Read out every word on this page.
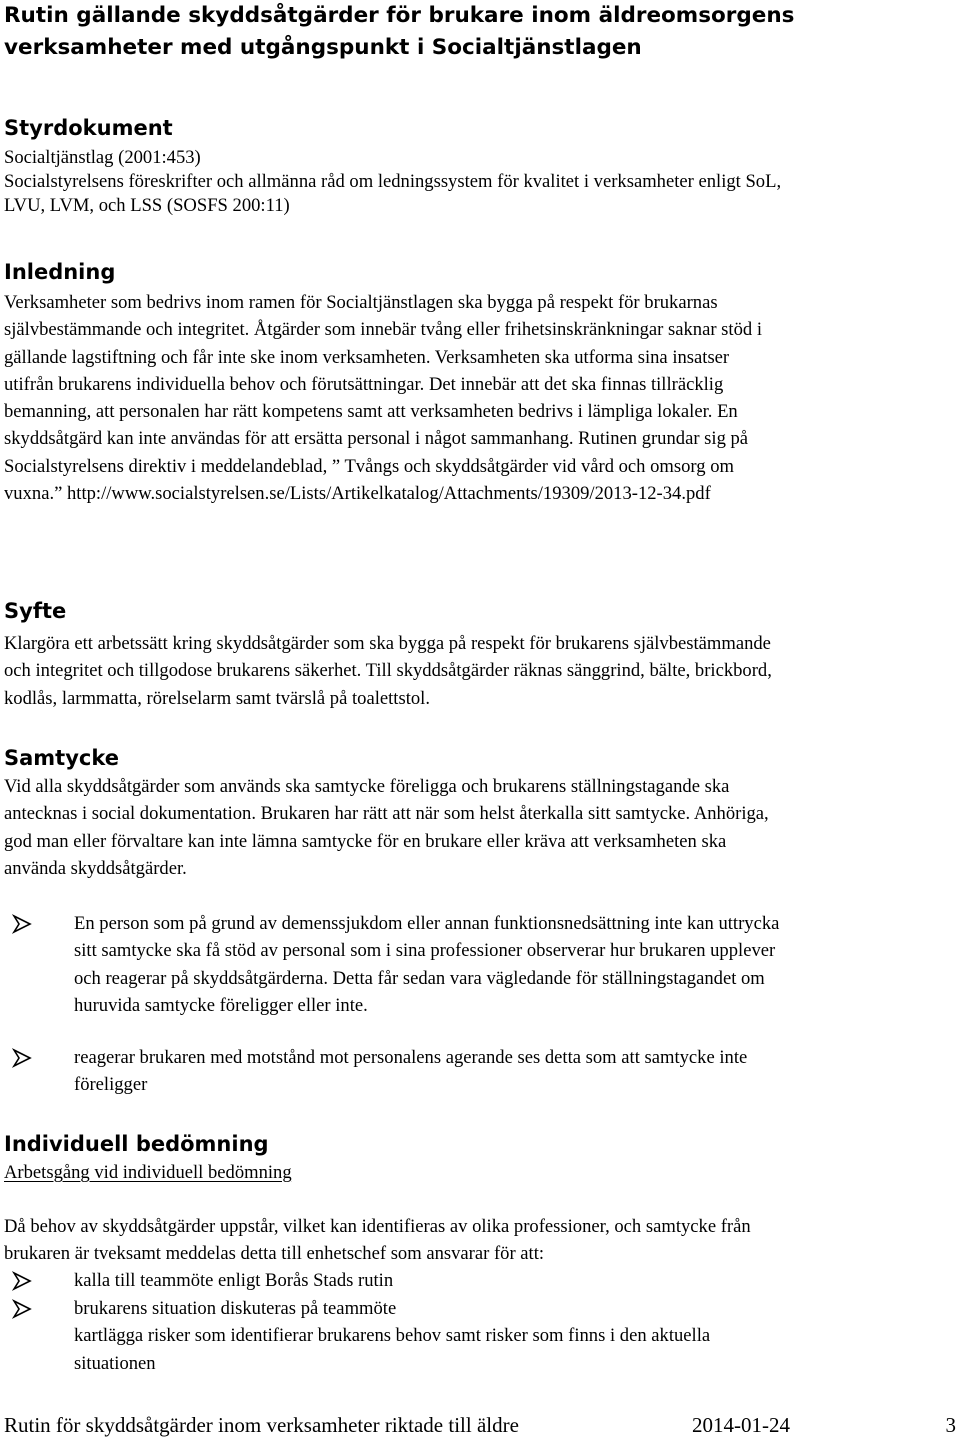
Rutin gällande skyddsåtgärder för brukare inom äldreomsorgens
verksamheter med utgångspunkt i Socialtjänstlagen
Styrdokument
Socialtjänstlag (2001:453)
Socialstyrelsens föreskrifter och allmänna råd om ledningssystem för kvalitet i verksamheter enligt SoL,
LVU, LVM, och LSS (SOSFS 200:11)
Inledning
Verksamheter som bedrivs inom ramen för Socialtjänstlagen ska bygga på respekt för brukarnas
självbestämmande och integritet. Åtgärder som innebär tvång eller frihetsinskränkningar saknar stöd i
gällande lagstiftning och får inte ske inom verksamheten. Verksamheten ska utforma sina insatser
utifrån brukarens individuella behov och förutsättningar. Det innebär att det ska finnas tillräcklig
bemanning, att personalen har rätt kompetens samt att verksamheten bedrivs i lämpliga lokaler. En
skyddsåtgärd kan inte användas för att ersätta personal i något sammanhang. Rutinen grundar sig på
Socialstyrelsens direktiv i meddelandeblad, ” Tvångs och skyddsåtgärder vid vård och omsorg om
vuxna.” http://www.socialstyrelsen.se/Lists/Artikelkatalog/Attachments/19309/2013-12-34.pdf
Syfte
Klargöra ett arbetssätt kring skyddsåtgärder som ska bygga på respekt för brukarens självbestämmande
och integritet och tillgodose brukarens säkerhet. Till skyddsåtgärder räknas sänggrind, bälte, brickbord,
kodlås, larmmatta, rörelselarm samt tvärslå på toalettstol.
Samtycke
Vid alla skyddsåtgärder som används ska samtycke föreligga och brukarens ställningstagande ska
antecknas i social dokumentation. Brukaren har rätt att när som helst återkalla sitt samtycke. Anhöriga,
god man eller förvaltare kan inte lämna samtycke för en brukare eller kräva att verksamheten ska
använda skyddsåtgärder.
En person som på grund av demenssjukdom eller annan funktionsnedsättning inte kan uttrycka
sitt samtycke ska få stöd av personal som i sina professioner observerar hur brukaren upplever
och reagerar på skyddsåtgärderna. Detta får sedan vara vägledande för ställningstagandet om
huruvida samtycke föreligger eller inte.
reagerar brukaren med motstånd mot personalens agerande ses detta som att samtycke inte
föreligger
Individuell bedömning
Arbetsgång vid individuell bedömning
Då behov av skyddsåtgärder uppstår, vilket kan identifieras av olika professioner, och samtycke från
brukaren är tveksamt meddelas detta till enhetschef som ansvarar för att:
kalla till teammöte enligt Borås Stads rutin
brukarens situation diskuteras på teammöte
kartlägga risker som identifierar brukarens behov samt risker som finns i den aktuella
situationen
Rutin för skyddsåtgärder inom verksamheter riktade till äldre	2014-01-24	3
